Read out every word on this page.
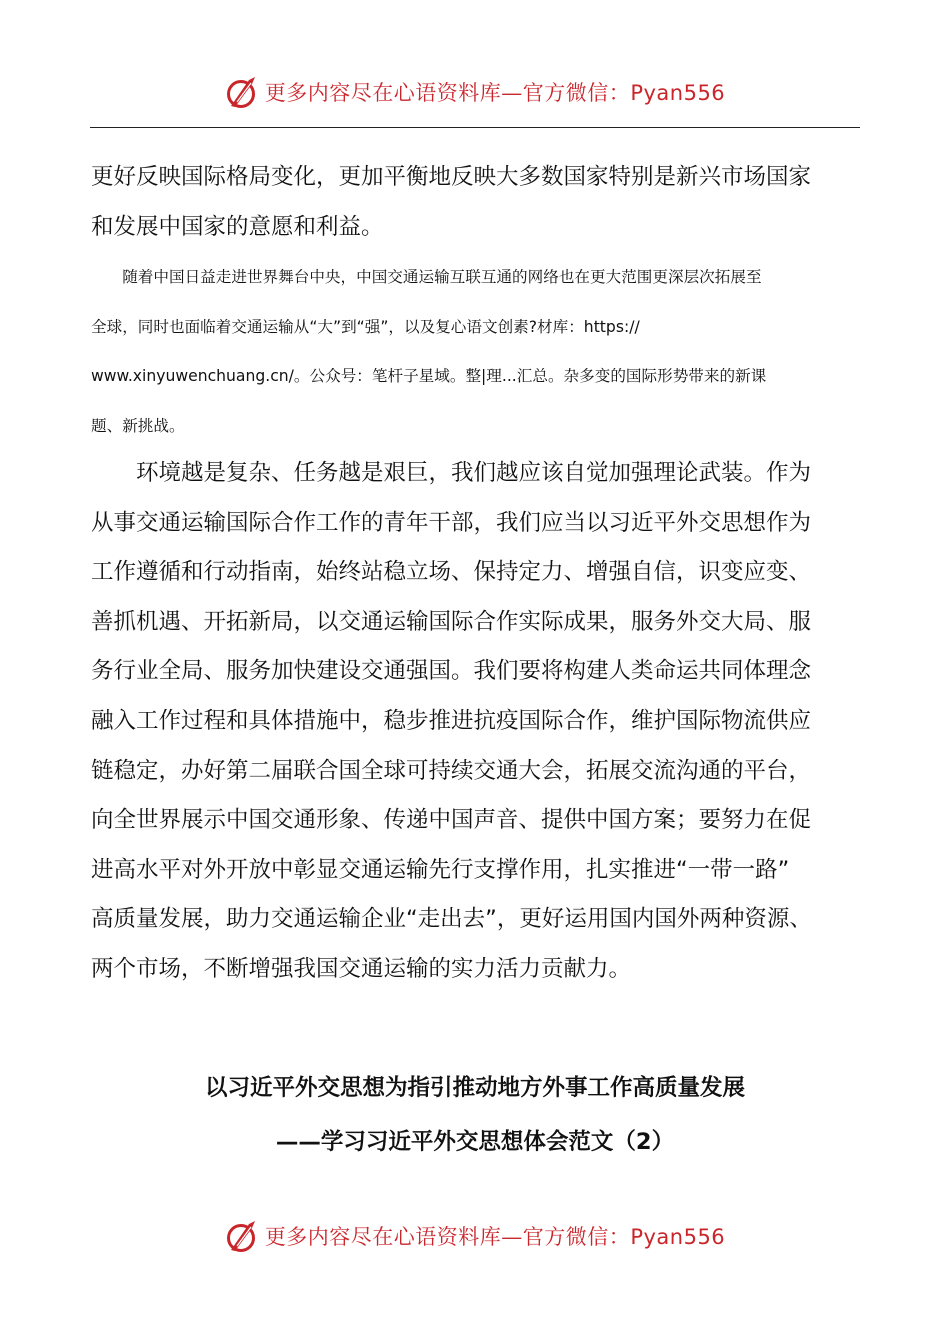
更多内容尽在心语资料库—官方微信：Pyan556
更好反映国际格局变化，更加平衡地反映大多数国家特别是新兴市场国家
和发展中国家的意愿和利益。
　　随着中国日益走进世界舞台中央，中国交通运输互联互通的网络也在更大范围更深层次拓展至
全球，同时也面临着交通运输从“大”到“强”，以及复心语文创素?材库：https://
www.xinyuwenchuang.cn/。公众号：笔杆子星域。整|理...汇总。杂多变的国际形势带来的新课
题、新挑战。
　　环境越是复杂、任务越是艰巨，我们越应该自觉加强理论武装。作为
从事交通运输国际合作工作的青年干部，我们应当以习近平外交思想作为
工作遵循和行动指南，始终站稳立场、保持定力、增强自信，识变应变、
善抓机遇、开拓新局，以交通运输国际合作实际成果，服务外交大局、服
务行业全局、服务加快建设交通强国。我们要将构建人类命运共同体理念
融入工作过程和具体措施中，稳步推进抗疫国际合作，维护国际物流供应
链稳定，办好第二届联合国全球可持续交通大会，拓展交流沟通的平台，
向全世界展示中国交通形象、传递中国声音、提供中国方案；要努力在促
进高水平对外开放中彰显交通运输先行支撑作用，扎实推进“一带一路”
高质量发展，助力交通运输企业“走出去”，更好运用国内国外两种资源、
两个市场，不断增强我国交通运输的实力活力贡献力。
以习近平外交思想为指引推动地方外事工作高质量发展
——学习习近平外交思想体会范文（2）
更多内容尽在心语资料库—官方微信：Pyan556
